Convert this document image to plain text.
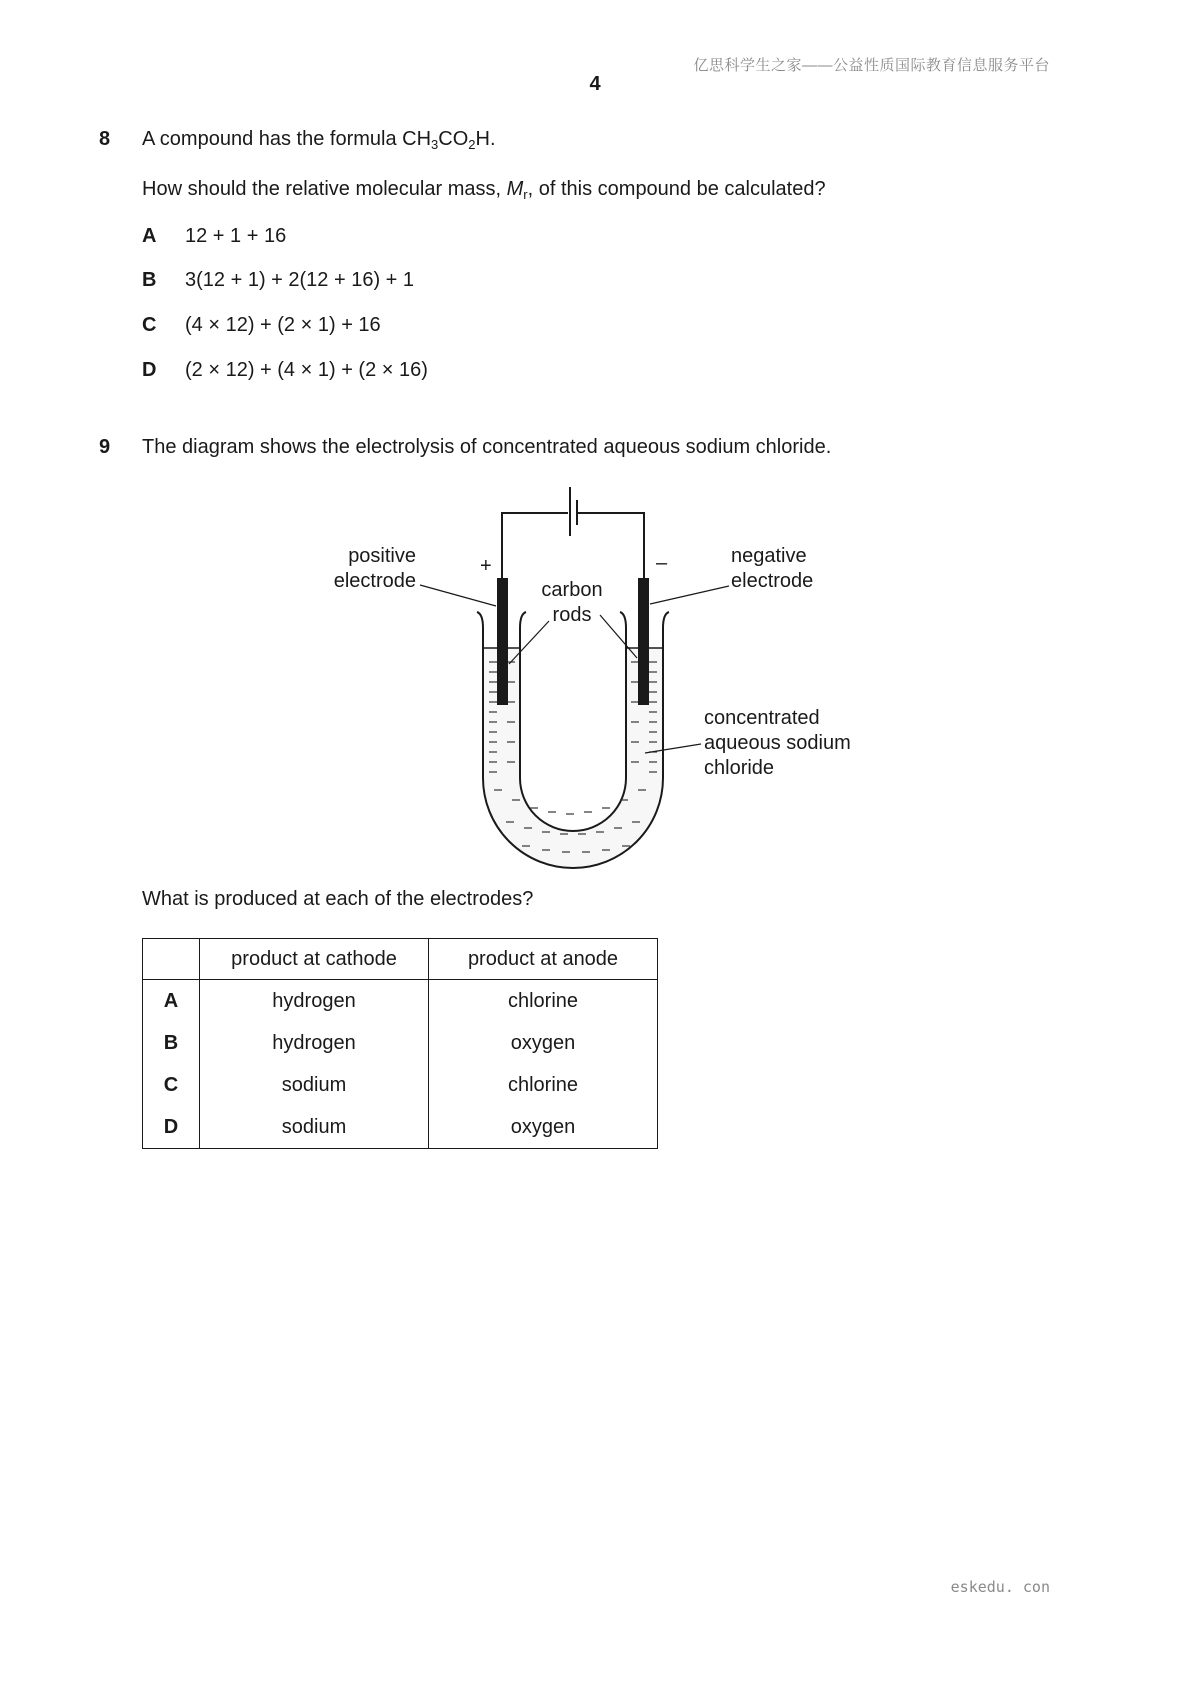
亿思科学生之家——公益性质国际教育信息服务平台
4
8 A compound has the formula $CH_3CO_2H$.
How should the relative molecular mass, $M_r$, of this compound be calculated?
A 12 + 1 + 16
B 3(12 + 1) + 2(12 + 16) + 1
C (4 × 12) + (2 × 1) + 16
D (2 × 12) + (4 × 1) + (2 × 16)
9 The diagram shows the electrolysis of concentrated aqueous sodium chloride.
positive
electrode
negative
electrode
carbon
rods
concentrated
aqueous sodium
chloride
+	–
What is produced at each of the electrodes?
	product at cathode	product at anode
A	hydrogen	chlorine
B	hydrogen	oxygen
C	sodium	chlorine
D	sodium	oxygen
eskedu. con
